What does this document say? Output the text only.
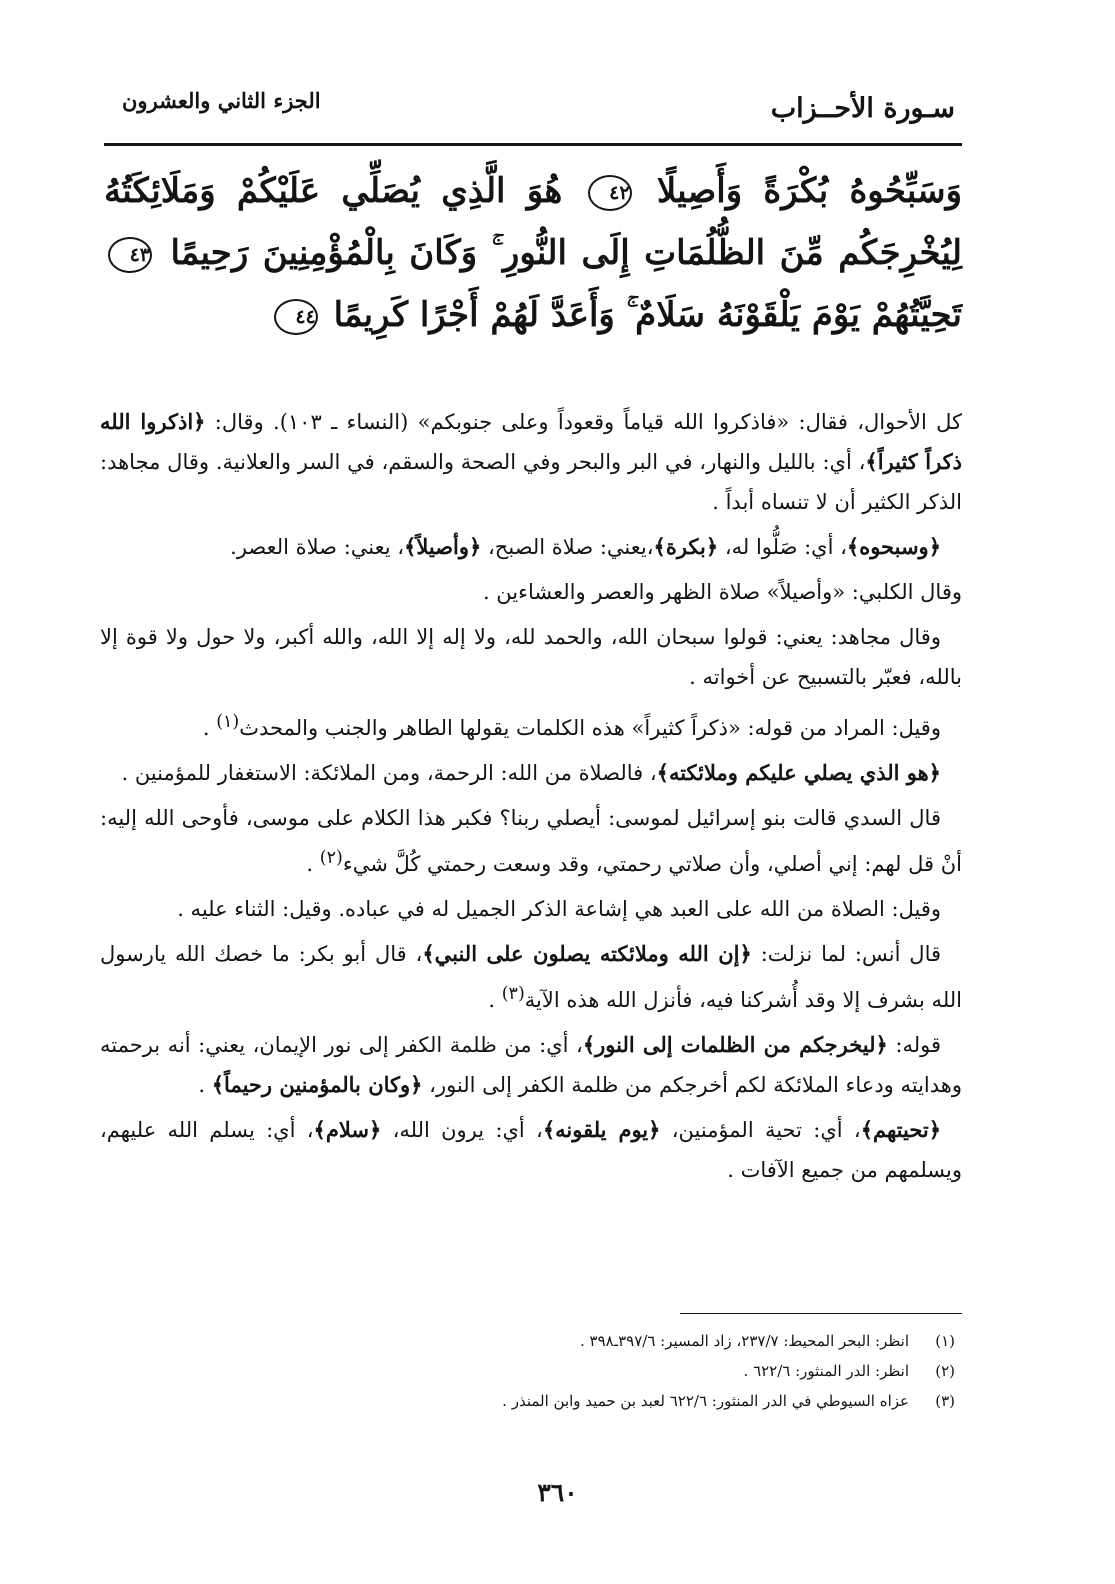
سـورة الأحــزاب
الجزء الثاني والعشرون
وَسَبِّحُوهُ بُكْرَةً وَأَصِيلًا ٤٢ هُوَ الَّذِي يُصَلِّي عَلَيْكُمْ وَمَلَائِكَتُهُ لِيُخْرِجَكُم مِّنَ الظُّلُمَاتِ إِلَى النُّورِ ۚ وَكَانَ بِالْمُؤْمِنِينَ رَحِيمًا ٤٣ تَحِيَّتُهُمْ يَوْمَ يَلْقَوْنَهُ سَلَامٌ ۚ وَأَعَدَّ لَهُمْ أَجْرًا كَرِيمًا ٤٤

كل الأحوال، فقال: «فاذكروا الله قياماً وقعوداً وعلى جنوبكم» (النساء ـ ١٠٣). وقال: ﴿اذكروا الله ذكراً كثيراً﴾، أي: بالليل والنهار، في البر والبحر وفي الصحة والسقم، في السر والعلانية. وقال مجاهد: الذكر الكثير أن لا تنساه أبداً .

 ﴿وسبحوه﴾، أي: صَلُّوا له، ﴿بكرة﴾،يعني: صلاة الصبح، ﴿وأصيلاً﴾، يعني: صلاة العصر.

وقال الكلبي: «وأصيلاً» صلاة الظهر والعصر والعشاءين .

 وقال مجاهد: يعني: قولوا سبحان الله، والحمد لله، ولا إله إلا الله، والله أكبر، ولا حول ولا قوة إلا بالله، فعبّر بالتسبيح عن أخواته .

 وقيل: المراد من قوله: «ذكراً كثيراً» هذه الكلمات يقولها الطاهر والجنب والمحدث$^{(١)}$ .

 ﴿هو الذي يصلي عليكم وملائكته﴾، فالصلاة من الله: الرحمة، ومن الملائكة: الاستغفار للمؤمنين .

 قال السدي قالت بنو إسرائيل لموسى: أيصلي ربنا؟ فكبر هذا الكلام على موسى، فأوحى الله إليه: أنْ قل لهم: إني أصلي، وأن صلاتي رحمتي، وقد وسعت رحمتي كُلَّ شيء$^{(٢)}$ .

 وقيل: الصلاة من الله على العبد هي إشاعة الذكر الجميل له في عباده. وقيل: الثناء عليه .

 قال أنس: لما نزلت: ﴿إن الله وملائكته يصلون على النبي﴾، قال أبو بكر: ما خصك الله يارسول الله بشرف إلا وقد أُشركنا فيه، فأنزل الله هذه الآية$^{(٣)}$ .

 قوله: ﴿ليخرجكم من الظلمات إلى النور﴾، أي: من ظلمة الكفر إلى نور الإيمان، يعني: أنه برحمته وهدايته ودعاء الملائكة لكم أخرجكم من ظلمة الكفر إلى النور، ﴿وكان بالمؤمنين رحيماً﴾ .

 ﴿تحيتهم﴾، أي: تحية المؤمنين، ﴿يوم يلقونه﴾، أي: يرون الله، ﴿سلام﴾، أي: يسلم الله عليهم، ويسلمهم من جميع الآفات .

(١)انظر: البحر المحيط: ٢٣٧/٧، زاد المسير: ٣٩٧/٦ـ٣٩٨ .
(٢)انظر: الدر المنثور: ٦٢٢/٦ .
(٣)عزاه السيوطي في الدر المنثور: ٦٢٢/٦ لعبد بن حميد وابن المنذر .
٣٦٠
